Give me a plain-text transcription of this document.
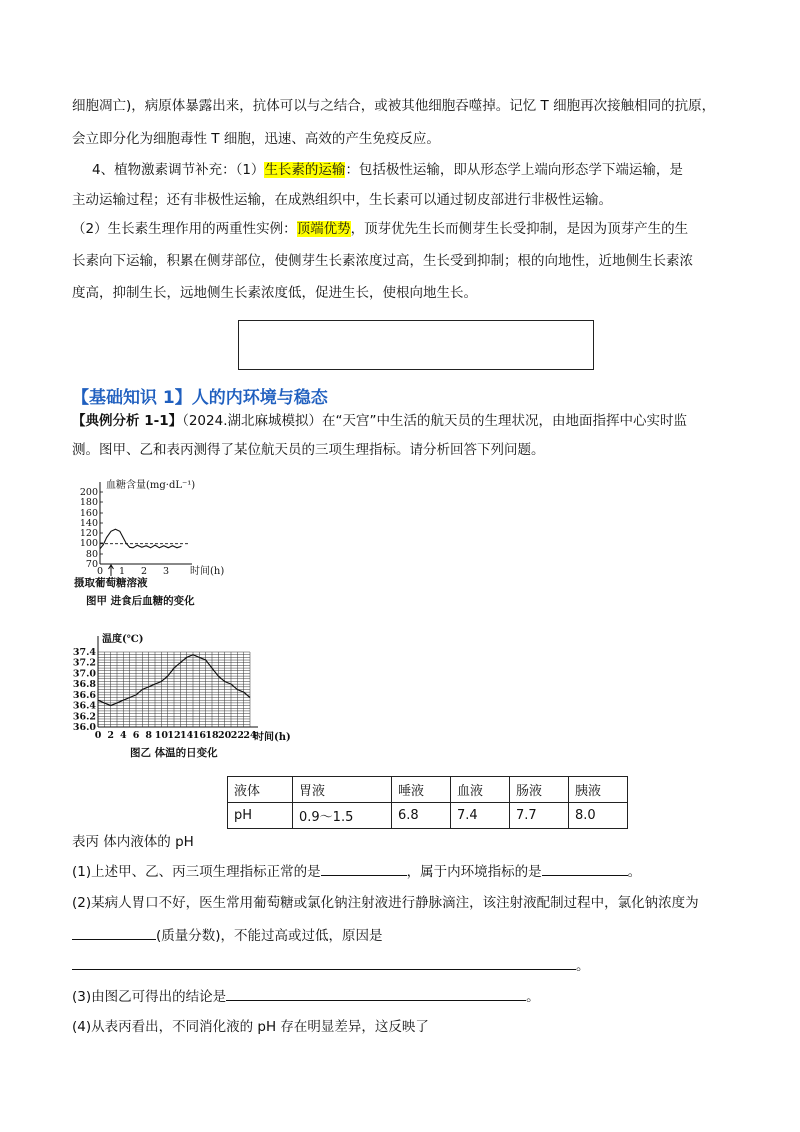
细胞凋亡)，病原体暴露出来，抗体可以与之结合，或被其他细胞吞噬掉。记忆 T 细胞再次接触相同的抗原，
会立即分化为细胞毒性 T 细胞，迅速、高效的产生免疫反应。
4、植物激素调节补充：（1）生长素的运输：包括极性运输，即从形态学上端向形态学下端运输，是
主动运输过程；还有非极性运输，在成熟组织中，生长素可以通过韧皮部进行非极性运输。
（2）生长素生理作用的两重性实例：顶端优势，顶芽优先生长而侧芽生长受抑制，是因为顶芽产生的生
长素向下运输，积累在侧芽部位，使侧芽生长素浓度过高，生长受到抑制；根的向地性，近地侧生长素浓
度高，抑制生长，远地侧生长素浓度低，促进生长，使根向地生长。
【基础知识 1】人的内环境与稳态
【典例分析 1-1】（2024.湖北麻城模拟）在“天宫”中生活的航天员的生理状况，由地面指挥中心实时监
测。图甲、乙和表丙测得了某位航天员的三项生理指标。请分析回答下列问题。
血糖含量(mg·dL⁻¹)
200
180
160
140
120
100
80
70
0 1 2 3 时间(h)
摄取葡萄糖溶液
图甲 进食后血糖的变化
温度(℃)
37.4
37.2
37.0
36.8
36.6
36.4
36.2
36.0
0 2 4 6 8 10 12 14 16 18 20 22 24
时间(h)
图乙 体温的日变化
液体	胃液	唾液	血液	肠液	胰液
pH	0.9～1.5	6.8	7.4	7.7	8.0
表丙 体内液体的 pH
(1)上述甲、乙、丙三项生理指标正常的是	，属于内环境指标的是	。
(2)某病人胃口不好，医生常用葡萄糖或氯化钠注射液进行静脉滴注，该注射液配制过程中，氯化钠浓度为
(质量分数)，不能过高或过低，原因是
。
(3)由图乙可得出的结论是	。
(4)从表丙看出，不同消化液的 pH 存在明显差异，这反映了
